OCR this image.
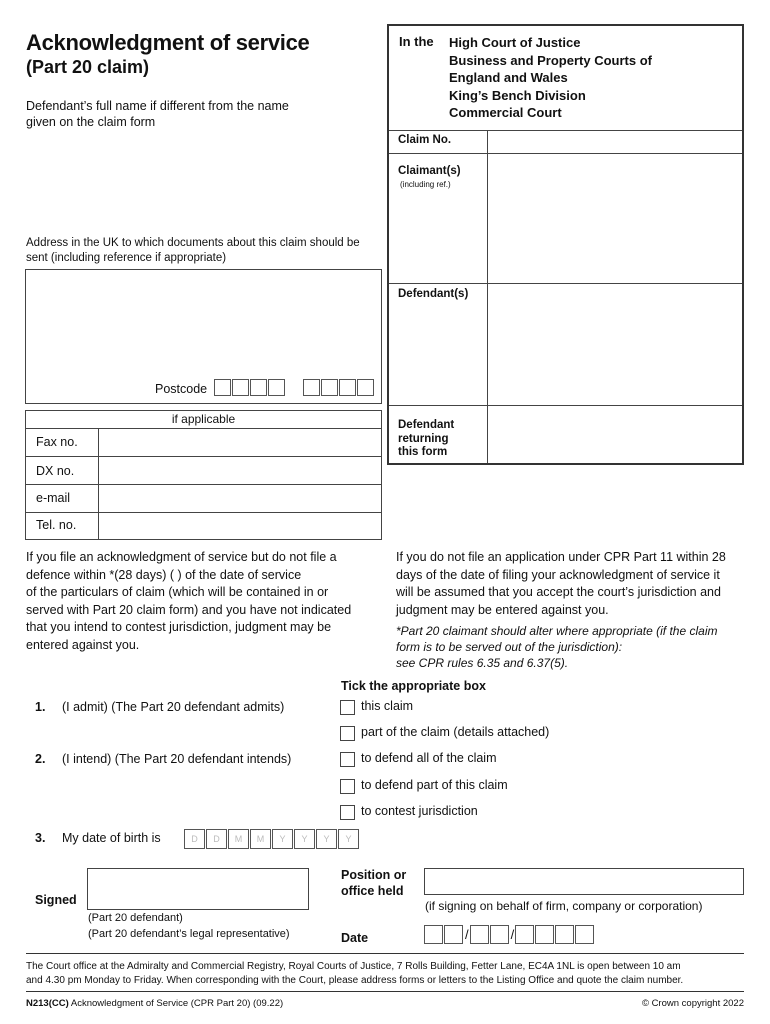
Acknowledgment of service
(Part 20 claim)
Defendant’s full name if different from the name
given on the claim form
In the High Court of Justice
Business and Property Courts of
England and Wales
King’s Bench Division
Commercial Court
Claim No.
Claimant(s)
(including ref.)
Defendant(s)
Defendant
returning
this form
Address in the UK to which documents about this claim should be
sent (including reference if appropriate)
Postcode

if applicable
Fax no.
DX no.
e-mail
Tel. no.
If you file an acknowledgment of service but do not file a
defence within *(28 days) ( ) of the date of service
of the particulars of claim (which will be contained in or
served with Part 20 claim form) and you have not indicated
that you intend to contest jurisdiction, judgment may be
entered against you.
If you do not file an application under CPR Part 11 within 28
days of the date of filing your acknowledgment of service it
will be assumed that you accept the court’s jurisdiction and
judgment may be entered against you.
*Part 20 claimant should alter where appropriate (if the claim
form is to be served out of the jurisdiction):
see CPR rules 6.35 and 6.37(5).
Tick the appropriate box
1. (I admit) (The Part 20 defendant admits)
2. (I intend) (The Part 20 defendant intends)
this claim
part of the claim (details attached)
to defend all of the claim
to defend part of this claim
to contest jurisdiction
3. My date of birth is	D D M M Y Y Y Y
Signed
(Part 20 defendant)
(Part 20 defendant’s legal representative)
Position or
office held
(if signing on behalf of firm, company or corporation)
Date	/	/
The Court office at the Admiralty and Commercial Registry, Royal Courts of Justice, 7 Rolls Building, Fetter Lane, EC4A 1NL is open between 10 am
and 4.30 pm Monday to Friday. When corresponding with the Court, please address forms or letters to the Listing Office and quote the claim number.
N213(CC) Acknowledgment of Service (CPR Part 20) (09.22)	© Crown copyright 2022
